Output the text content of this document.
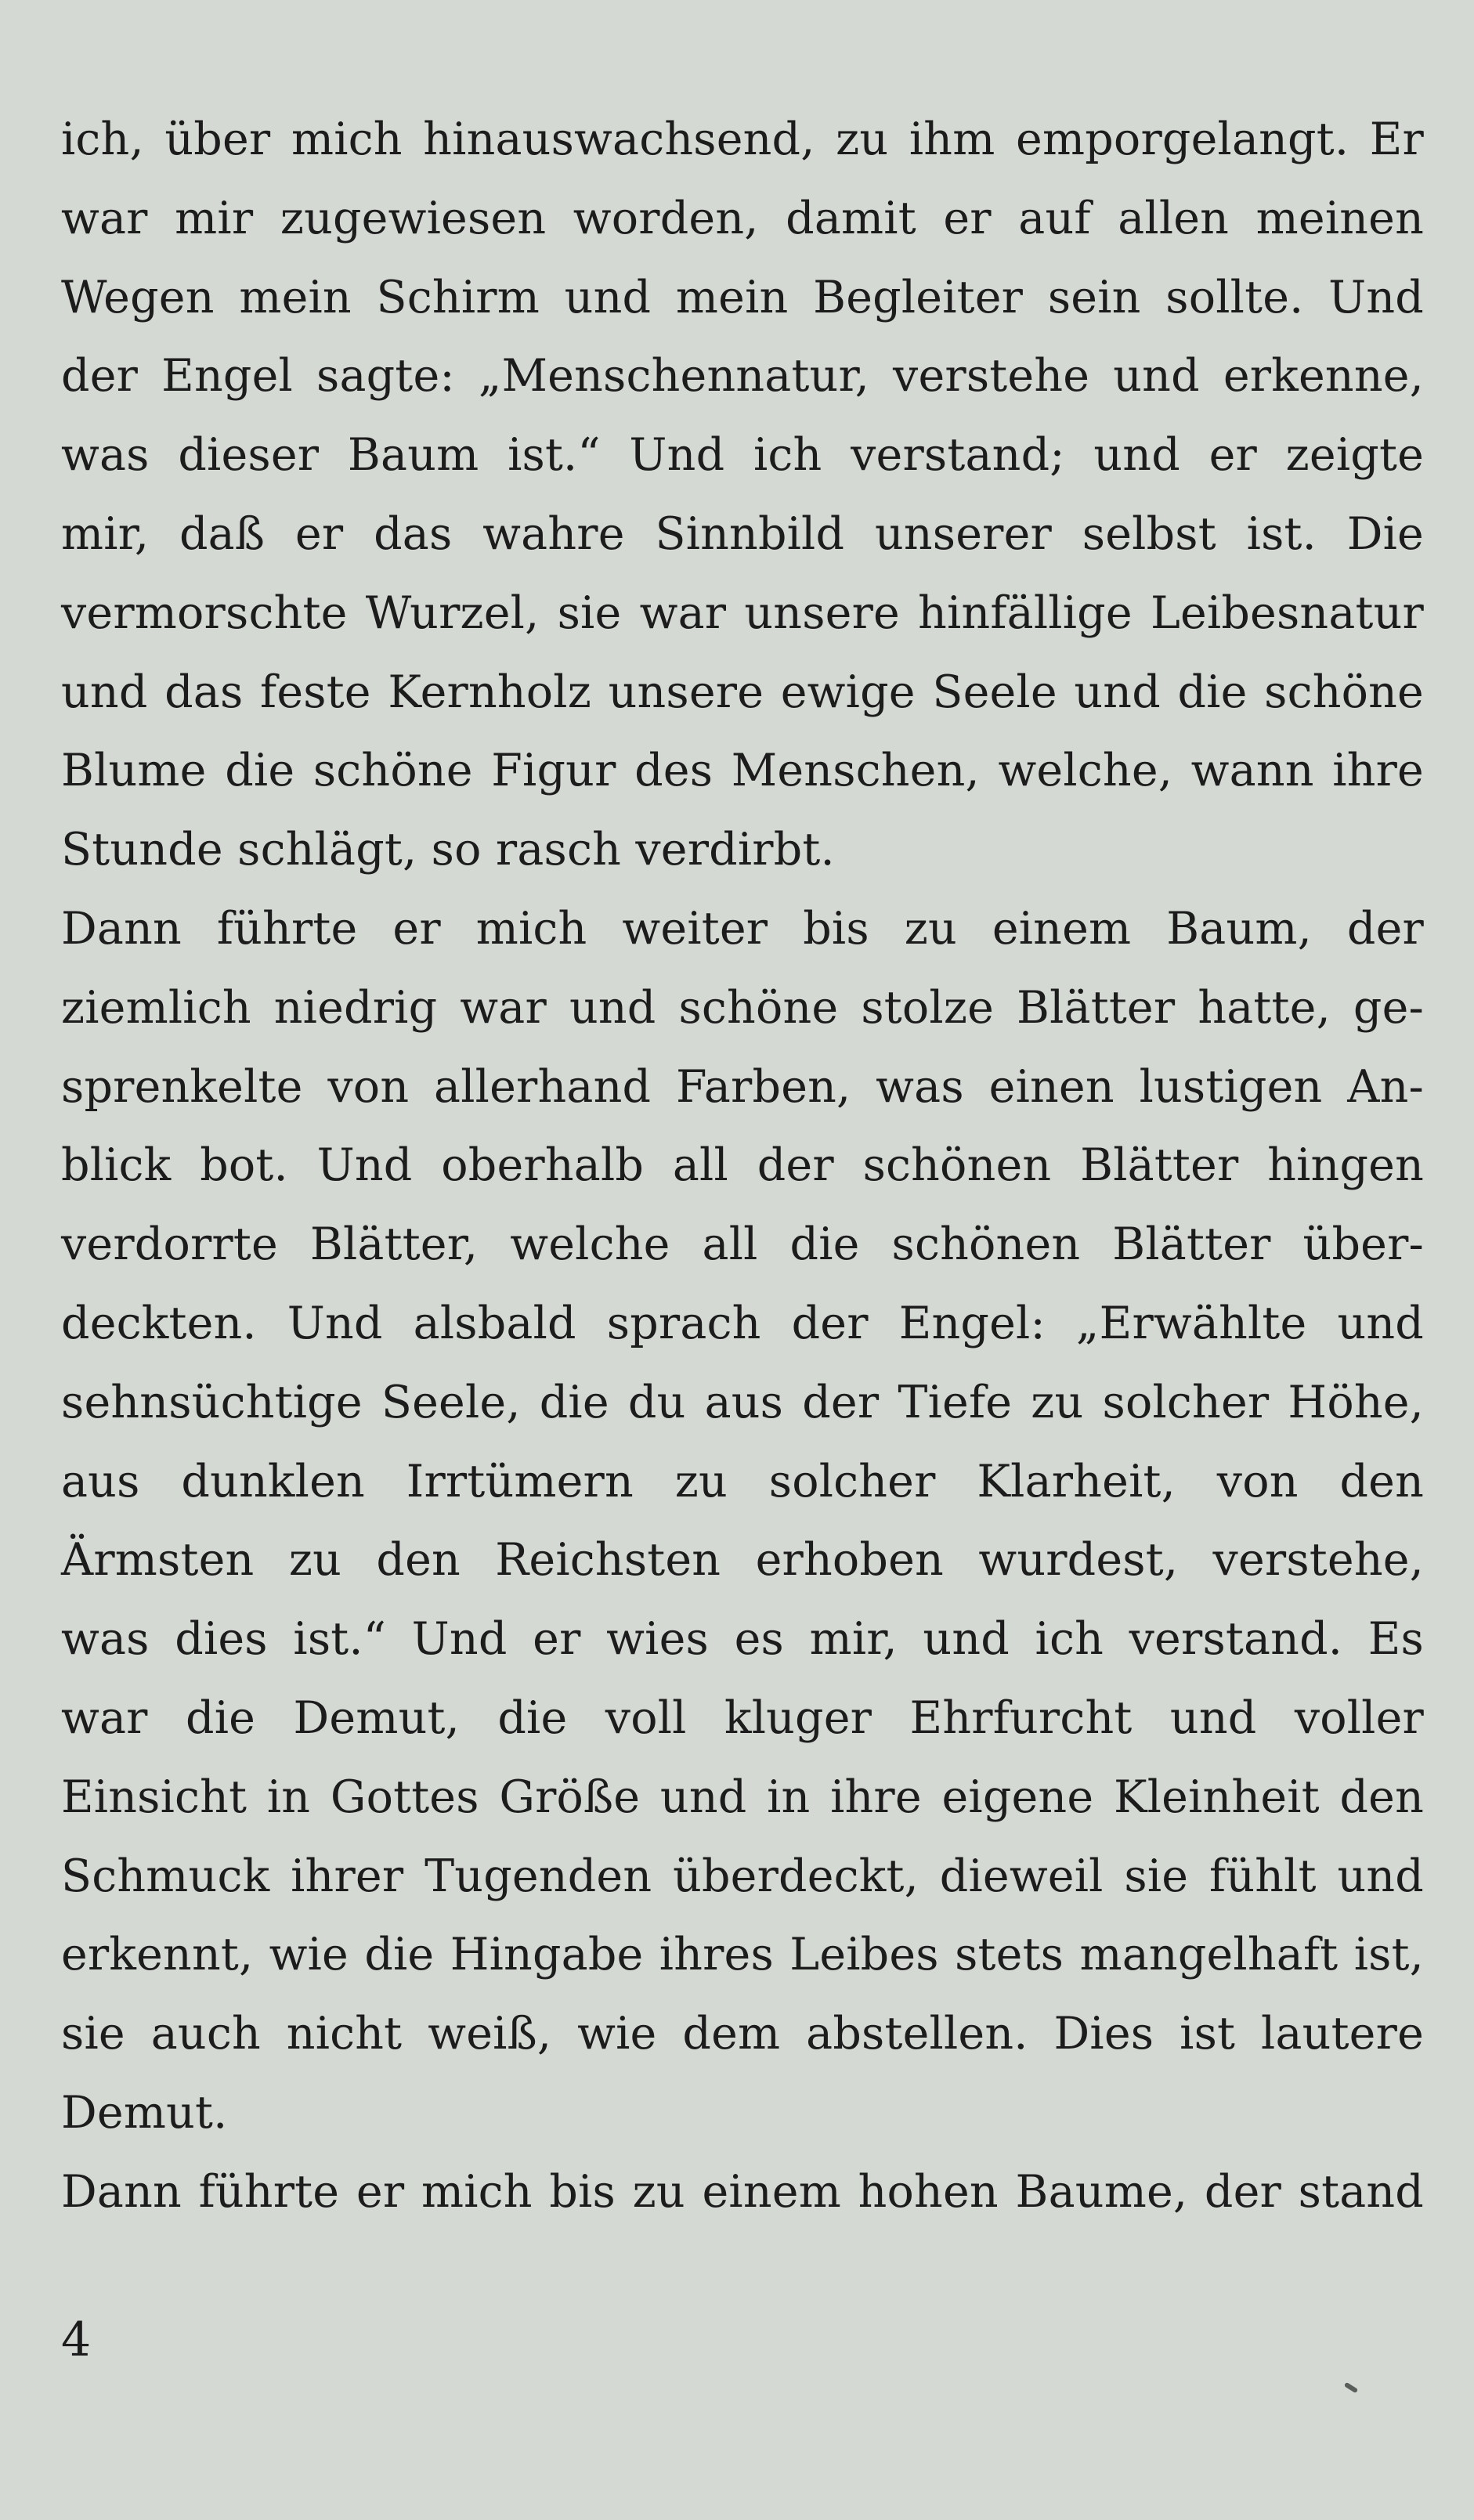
ich, über mich hinauswachsend, zu ihm emporgelangt. Er
war mir zugewiesen worden, damit er auf allen meinen
Wegen mein Schirm und mein Begleiter sein sollte. Und
der Engel sagte: „Menschennatur, verstehe und erkenne,
was dieser Baum ist.“ Und ich verstand; und er zeigte
mir, daß er das wahre Sinnbild unserer selbst ist. Die
vermorschte Wurzel, sie war unsere hinfällige Leibesnatur
und das feste Kernholz unsere ewige Seele und die schöne
Blume die schöne Figur des Menschen, welche, wann ihre
Stunde schlägt, so rasch verdirbt.
Dann führte er mich weiter bis zu einem Baum, der
ziemlich niedrig war und schöne stolze Blätter hatte, ge-
sprenkelte von allerhand Farben, was einen lustigen An-
blick bot. Und oberhalb all der schönen Blätter hingen
verdorrte Blätter, welche all die schönen Blätter über-
deckten. Und alsbald sprach der Engel: „Erwählte und
sehnsüchtige Seele, die du aus der Tiefe zu solcher Höhe,
aus dunklen Irrtümern zu solcher Klarheit, von den
Ärmsten zu den Reichsten erhoben wurdest, verstehe,
was dies ist.“ Und er wies es mir, und ich verstand. Es
war die Demut, die voll kluger Ehrfurcht und voller
Einsicht in Gottes Größe und in ihre eigene Kleinheit den
Schmuck ihrer Tugenden überdeckt, dieweil sie fühlt und
erkennt, wie die Hingabe ihres Leibes stets mangelhaft ist,
sie auch nicht weiß, wie dem abstellen. Dies ist lautere
Demut.
Dann führte er mich bis zu einem hohen Baume, der stand
4
